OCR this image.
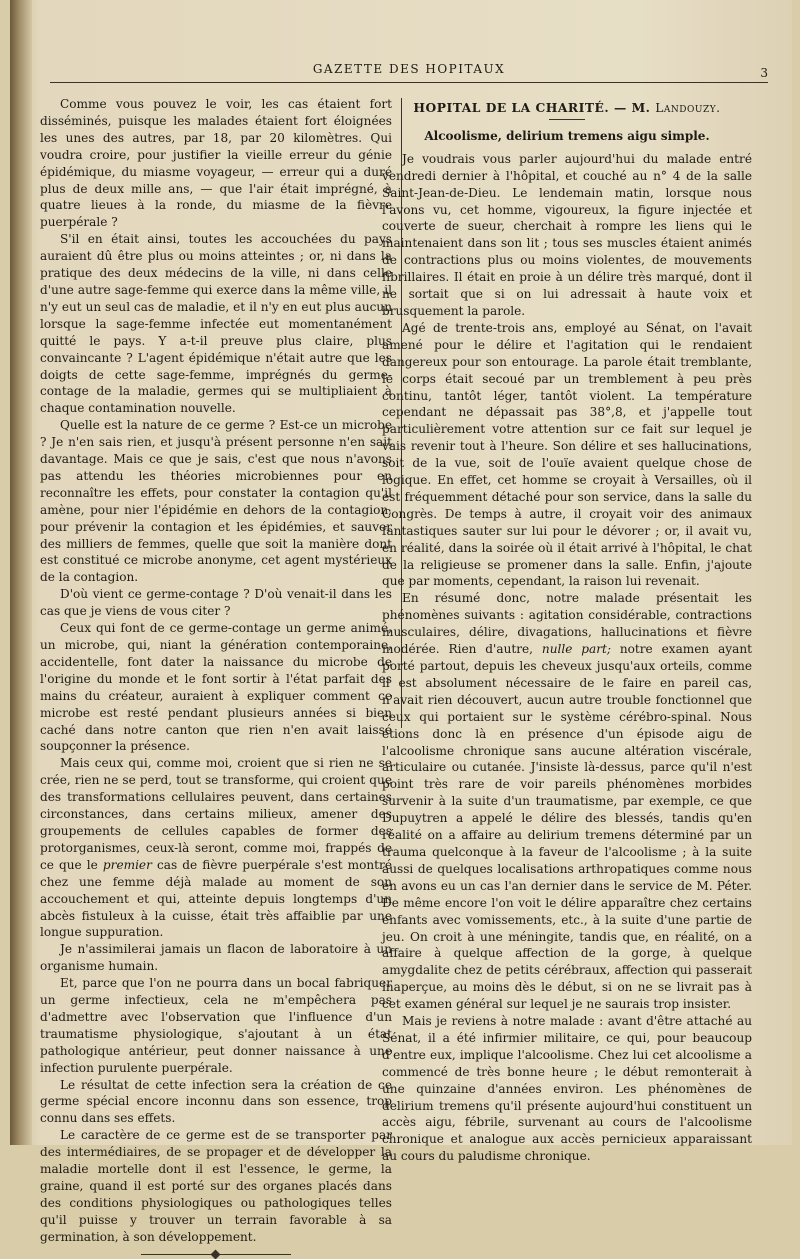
GAZETTE DES HOPITAUX	3

Comme vous pouvez le voir, les cas étaient fort disséminés, puisque les malades étaient fort éloignées les unes des autres, par 18, par 20 kilomètres. Qui voudra croire, pour justifier la vieille erreur du génie épidémique, du miasme voyageur, — erreur qui a duré plus de deux mille ans, — que l'air était imprégné, à quatre lieues à la ronde, du miasme de la fièvre puerpérale ?

S'il en était ainsi, toutes les accouchées du pays auraient dû être plus ou moins atteintes ; or, ni dans la pratique des deux médecins de la ville, ni dans celle d'une autre sage-femme qui exerce dans la même ville, il n'y eut un seul cas de maladie, et il n'y en eut plus aucun lorsque la sage-femme infectée eut momentanément quitté le pays. Y a-t-il preuve plus claire, plus convaincante ? L'agent épidémique n'était autre que les doigts de cette sage-femme, imprégnés du germe-contage de la maladie, germes qui se multipliaient à chaque contamination nouvelle.

Quelle est la nature de ce germe ? Est-ce un microbe ? Je n'en sais rien, et jusqu'à présent personne n'en sait davantage. Mais ce que je sais, c'est que nous n'avons pas attendu les théories microbiennes pour en reconnaître les effets, pour constater la contagion qu'il amène, pour nier l'épidémie en dehors de la contagion, pour prévenir la contagion et les épidémies, et sauver des milliers de femmes, quelle que soit la manière dont est constitué ce microbe anonyme, cet agent mystérieux de la contagion.

D'où vient ce germe-contage ? D'où venait-il dans les cas que je viens de vous citer ?

Ceux qui font de ce germe-contage un germe animé, un microbe, qui, niant la génération contemporaine, accidentelle, font dater la naissance du microbe de l'origine du monde et le font sortir à l'état parfait des mains du créateur, auraient à expliquer comment ce microbe est resté pendant plusieurs années si bien caché dans notre canton que rien n'en avait laissé soupçonner la présence.

Mais ceux qui, comme moi, croient que si rien ne se crée, rien ne se perd, tout se transforme, qui croient que des transformations cellulaires peuvent, dans certaines circonstances, dans certains milieux, amener des groupements de cellules capables de former des protorganismes, ceux-là seront, comme moi, frappés de ce que le premier cas de fièvre puerpérale s'est montré chez une femme déjà malade au moment de son accouchement et qui, atteinte depuis longtemps d'un abcès fistuleux à la cuisse, était très affaiblie par une longue suppuration.

Je n'assimilerai jamais un flacon de laboratoire à un organisme humain.

Et, parce que l'on ne pourra dans un bocal fabriquer un germe infectieux, cela ne m'empêchera pas d'admettre avec l'observation que l'influence d'un traumatisme physiologique, s'ajoutant à un état pathologique antérieur, peut donner naissance à une infection purulente puerpérale.

Le résultat de cette infection sera la création de ce germe spécial encore inconnu dans son essence, trop connu dans ses effets.

Le caractère de ce germe est de se transporter par des intermédiaires, de se propager et de développer la maladie mortelle dont il est l'essence, le germe, la graine, quand il est porté sur des organes placés dans des conditions physiologiques ou pathologiques telles qu'il puisse y trouver un terrain favorable à sa germination, à son développement.

HOPITAL DE LA CHARITÉ. — M. Landouzy.
Alcoolisme, delirium tremens aigu simple.

Je voudrais vous parler aujourd'hui du malade entré vendredi dernier à l'hôpital, et couché au n° 4 de la salle Saint-Jean-de-Dieu. Le lendemain matin, lorsque nous l'avons vu, cet homme, vigoureux, la figure injectée et couverte de sueur, cherchait à rompre les liens qui le maintenaient dans son lit ; tous ses muscles étaient animés de contractions plus ou moins violentes, de mouvements fibrillaires. Il était en proie à un délire très marqué, dont il ne sortait que si on lui adressait à haute voix et brusquement la parole.

Agé de trente-trois ans, employé au Sénat, on l'avait amené pour le délire et l'agitation qui le rendaient dangereux pour son entourage. La parole était tremblante, le corps était secoué par un tremblement à peu près continu, tantôt léger, tantôt violent. La température cependant ne dépassait pas 38°,8, et j'appelle tout particulièrement votre attention sur ce fait sur lequel je vais revenir tout à l'heure. Son délire et ses hallucinations, soit de la vue, soit de l'ouïe avaient quelque chose de logique. En effet, cet homme se croyait à Versailles, où il est fréquemment détaché pour son service, dans la salle du Congrès. De temps à autre, il croyait voir des animaux fantastiques sauter sur lui pour le dévorer ; or, il avait vu, en réalité, dans la soirée où il était arrivé à l'hôpital, le chat de la religieuse se promener dans la salle. Enfin, j'ajoute que par moments, cependant, la raison lui revenait.

En résumé donc, notre malade présentait les phénomènes suivants : agitation considérable, contractions musculaires, délire, divagations, hallucinations et fièvre modérée. Rien d'autre, nulle part; notre examen ayant porté partout, depuis les cheveux jusqu'aux orteils, comme il est absolument nécessaire de le faire en pareil cas, n'avait rien découvert, aucun autre trouble fonctionnel que ceux qui portaient sur le système cérébro-spinal. Nous étions donc là en présence d'un épisode aigu de l'alcoolisme chronique sans aucune altération viscérale, articulaire ou cutanée. J'insiste là-dessus, parce qu'il n'est point très rare de voir pareils phénomènes morbides survenir à la suite d'un traumatisme, par exemple, ce que Dupuytren a appelé le délire des blessés, tandis qu'en réalité on a affaire au delirium tremens déterminé par un trauma quelconque à la faveur de l'alcoolisme ; à la suite aussi de quelques localisations arthropatiques comme nous en avons eu un cas l'an dernier dans le service de M. Péter. De même encore l'on voit le délire apparaître chez certains enfants avec vomissements, etc., à la suite d'une partie de jeu. On croit à une méningite, tandis que, en réalité, on a affaire à quelque affection de la gorge, à quelque amygdalite chez de petits cérébraux, affection qui passerait inaperçue, au moins dès le début, si on ne se livrait pas à cet examen général sur lequel je ne saurais trop insister.

Mais je reviens à notre malade : avant d'être attaché au Sénat, il a été infirmier militaire, ce qui, pour beaucoup d'entre eux, implique l'alcoolisme. Chez lui cet alcoolisme a commencé de très bonne heure ; le début remonterait à une quinzaine d'années environ. Les phénomènes de delirium tremens qu'il présente aujourd'hui constituent un accès aigu, fébrile, survenant au cours de l'alcoolisme chronique et analogue aux accès pernicieux apparaissant au cours du paludisme chronique.
